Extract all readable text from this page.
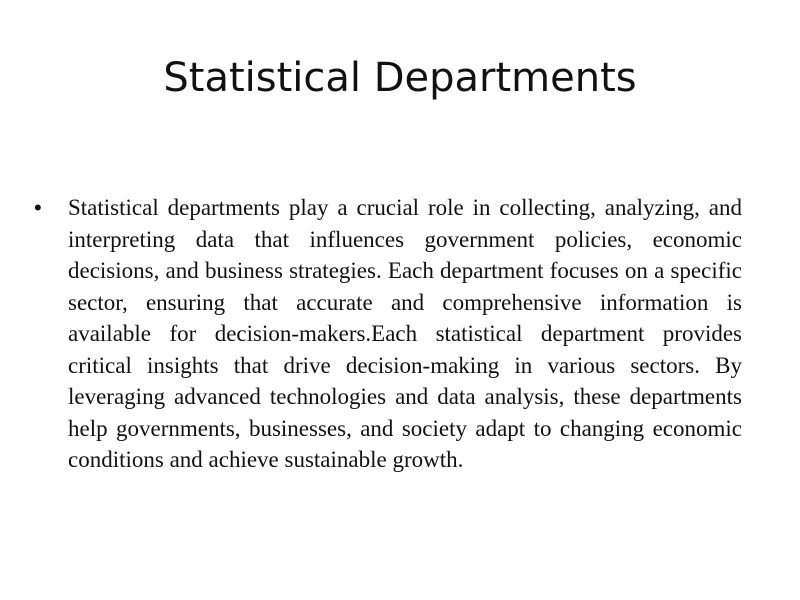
Statistical Departments
• Statistical departments play a crucial role in collecting, analyzing, and interpreting data that influences government policies, economic decisions, and business strategies. Each department focuses on a specific sector, ensuring that accurate and comprehensive information is available for decision-makers.Each statistical department provides critical insights that drive decision-making in various sectors. By leveraging advanced technologies and data analysis, these departments help governments, businesses, and society adapt to changing economic conditions and achieve sustainable growth.
